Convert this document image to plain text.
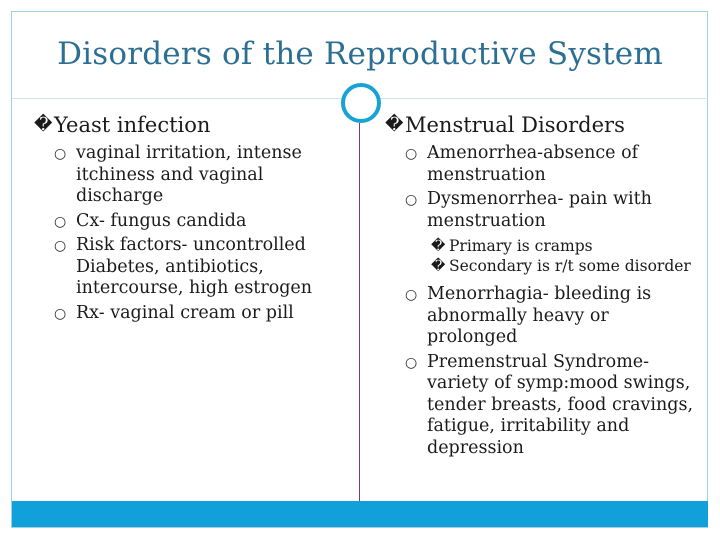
Disorders of the Reproductive System
� Yeast infection
○ vaginal irritation, intense itchiness and vaginal discharge
○ Cx- fungus candida
○ Risk factors- uncontrolled Diabetes, antibiotics, intercourse, high estrogen
○ Rx- vaginal cream or pill
� Menstrual Disorders
○ Amenorrhea-absence of menstruation
○ Dysmenorrhea- pain with menstruation
� Primary is cramps
� Secondary is r/t some disorder
○ Menorrhagia- bleeding is abnormally heavy or prolonged
○ Premenstrual Syndrome- variety of symp:mood swings, tender breasts, food cravings, fatigue, irritability and depression
